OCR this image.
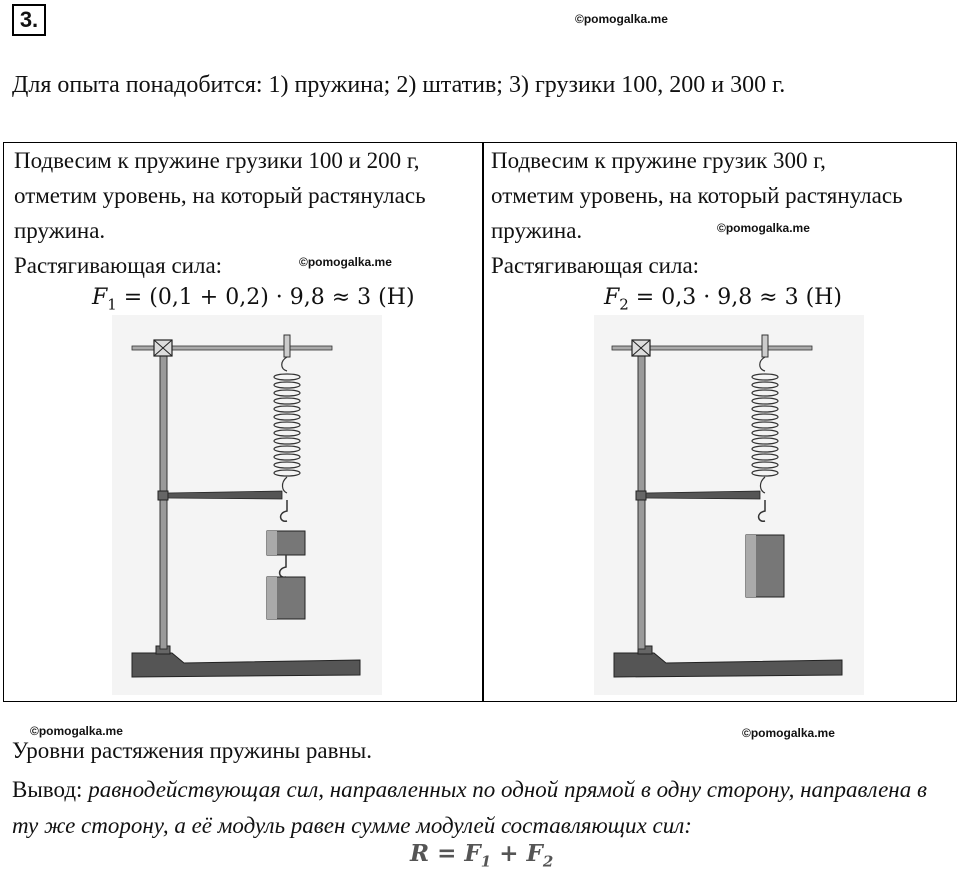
3.	©pomogalka.me
Для опыта понадобится: 1) пружина; 2) штатив; 3) грузики 100, 200 и 300 г.
Подвесим к пружине грузики 100 и 200 г,
отметим уровень, на который растянулась
пружина.
Растягивающая сила:	©pomogalka.me
$F_1 = (0,1 + 0,2) \cdot 9,8 \approx 3$ (Н)
Подвесим к пружине грузик 300 г,
отметим уровень, на который растянулась
пружина.
Растягивающая сила:
©pomogalka.me
$F_2 = 0,3 \cdot 9,8 \approx 3$ (Н)
©pomogalka.me	©pomogalka.me
Уровни растяжения пружины равны.
Вывод: равнодействующая сил, направленных по одной прямой в одну сторону, направлена в ту же сторону, а её модуль равен сумме модулей составляющих сил:
$R = F_1 + F_2$
